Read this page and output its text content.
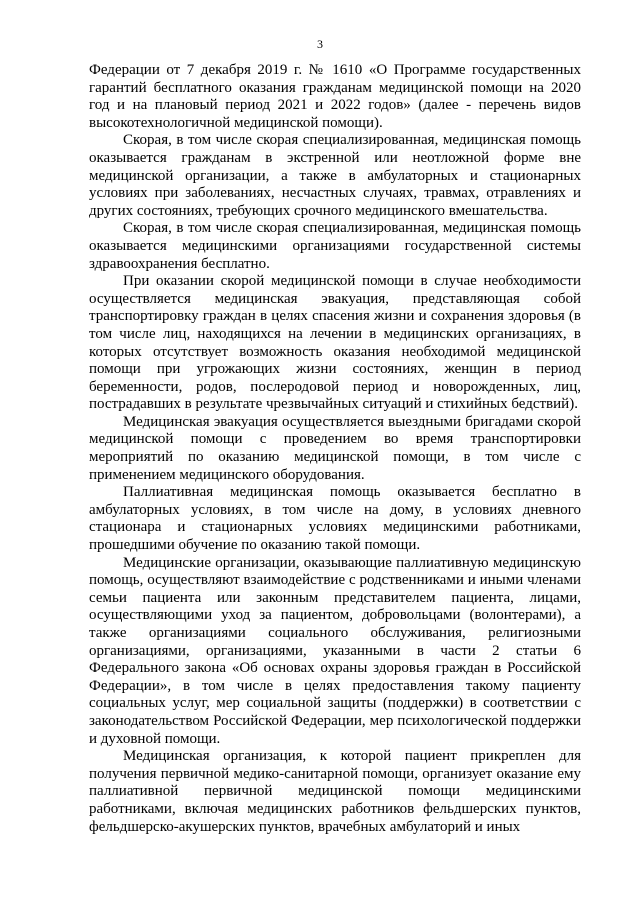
3

Федерации от 7 декабря 2019 г. № 1610 «О Программе государственных гарантий бесплатного оказания гражданам медицинской помощи на 2020 год и на плановый период 2021 и 2022 годов» (далее - перечень видов высокотехнологичной медицинской помощи).

Скорая, в том числе скорая специализированная, медицинская помощь оказывается гражданам в экстренной или неотложной форме вне медицинской организации, а также в амбулаторных и стационарных условиях при заболеваниях, несчастных случаях, травмах, отравлениях и других состояниях, требующих срочного медицинского вмешательства.

Скорая, в том числе скорая специализированная, медицинская помощь оказывается медицинскими организациями государственной системы здравоохранения бесплатно.

При оказании скорой медицинской помощи в случае необходимости осуществляется медицинская эвакуация, представляющая собой транспортировку граждан в целях спасения жизни и сохранения здоровья (в том числе лиц, находящихся на лечении в медицинских организациях, в которых отсутствует возможность оказания необходимой медицинской помощи при угрожающих жизни состояниях, женщин в период беременности, родов, послеродовой период и новорожденных, лиц, пострадавших в результате чрезвычайных ситуаций и стихийных бедствий).

Медицинская эвакуация осуществляется выездными бригадами скорой медицинской помощи с проведением во время транспортировки мероприятий по оказанию медицинской помощи, в том числе с применением медицинского оборудования.

Паллиативная медицинская помощь оказывается бесплатно в амбулаторных условиях, в том числе на дому, в условиях дневного стационара и стационарных условиях медицинскими работниками, прошедшими обучение по оказанию такой помощи.

Медицинские организации, оказывающие паллиативную медицинскую помощь, осуществляют взаимодействие с родственниками и иными членами семьи пациента или законным представителем пациента, лицами, осуществляющими уход за пациентом, добровольцами (волонтерами), а также организациями социального обслуживания, религиозными организациями, организациями, указанными в части 2 статьи 6 Федерального закона «Об основах охраны здоровья граждан в Российской Федерации», в том числе в целях предоставления такому пациенту социальных услуг, мер социальной защиты (поддержки) в соответствии с законодательством Российской Федерации, мер психологической поддержки и духовной помощи.

Медицинская организация, к которой пациент прикреплен для получения первичной медико-санитарной помощи, организует оказание ему паллиативной первичной медицинской помощи медицинскими работниками, включая медицинских работников фельдшерских пунктов, фельдшерско-акушерских пунктов, врачебных амбулаторий и иных
